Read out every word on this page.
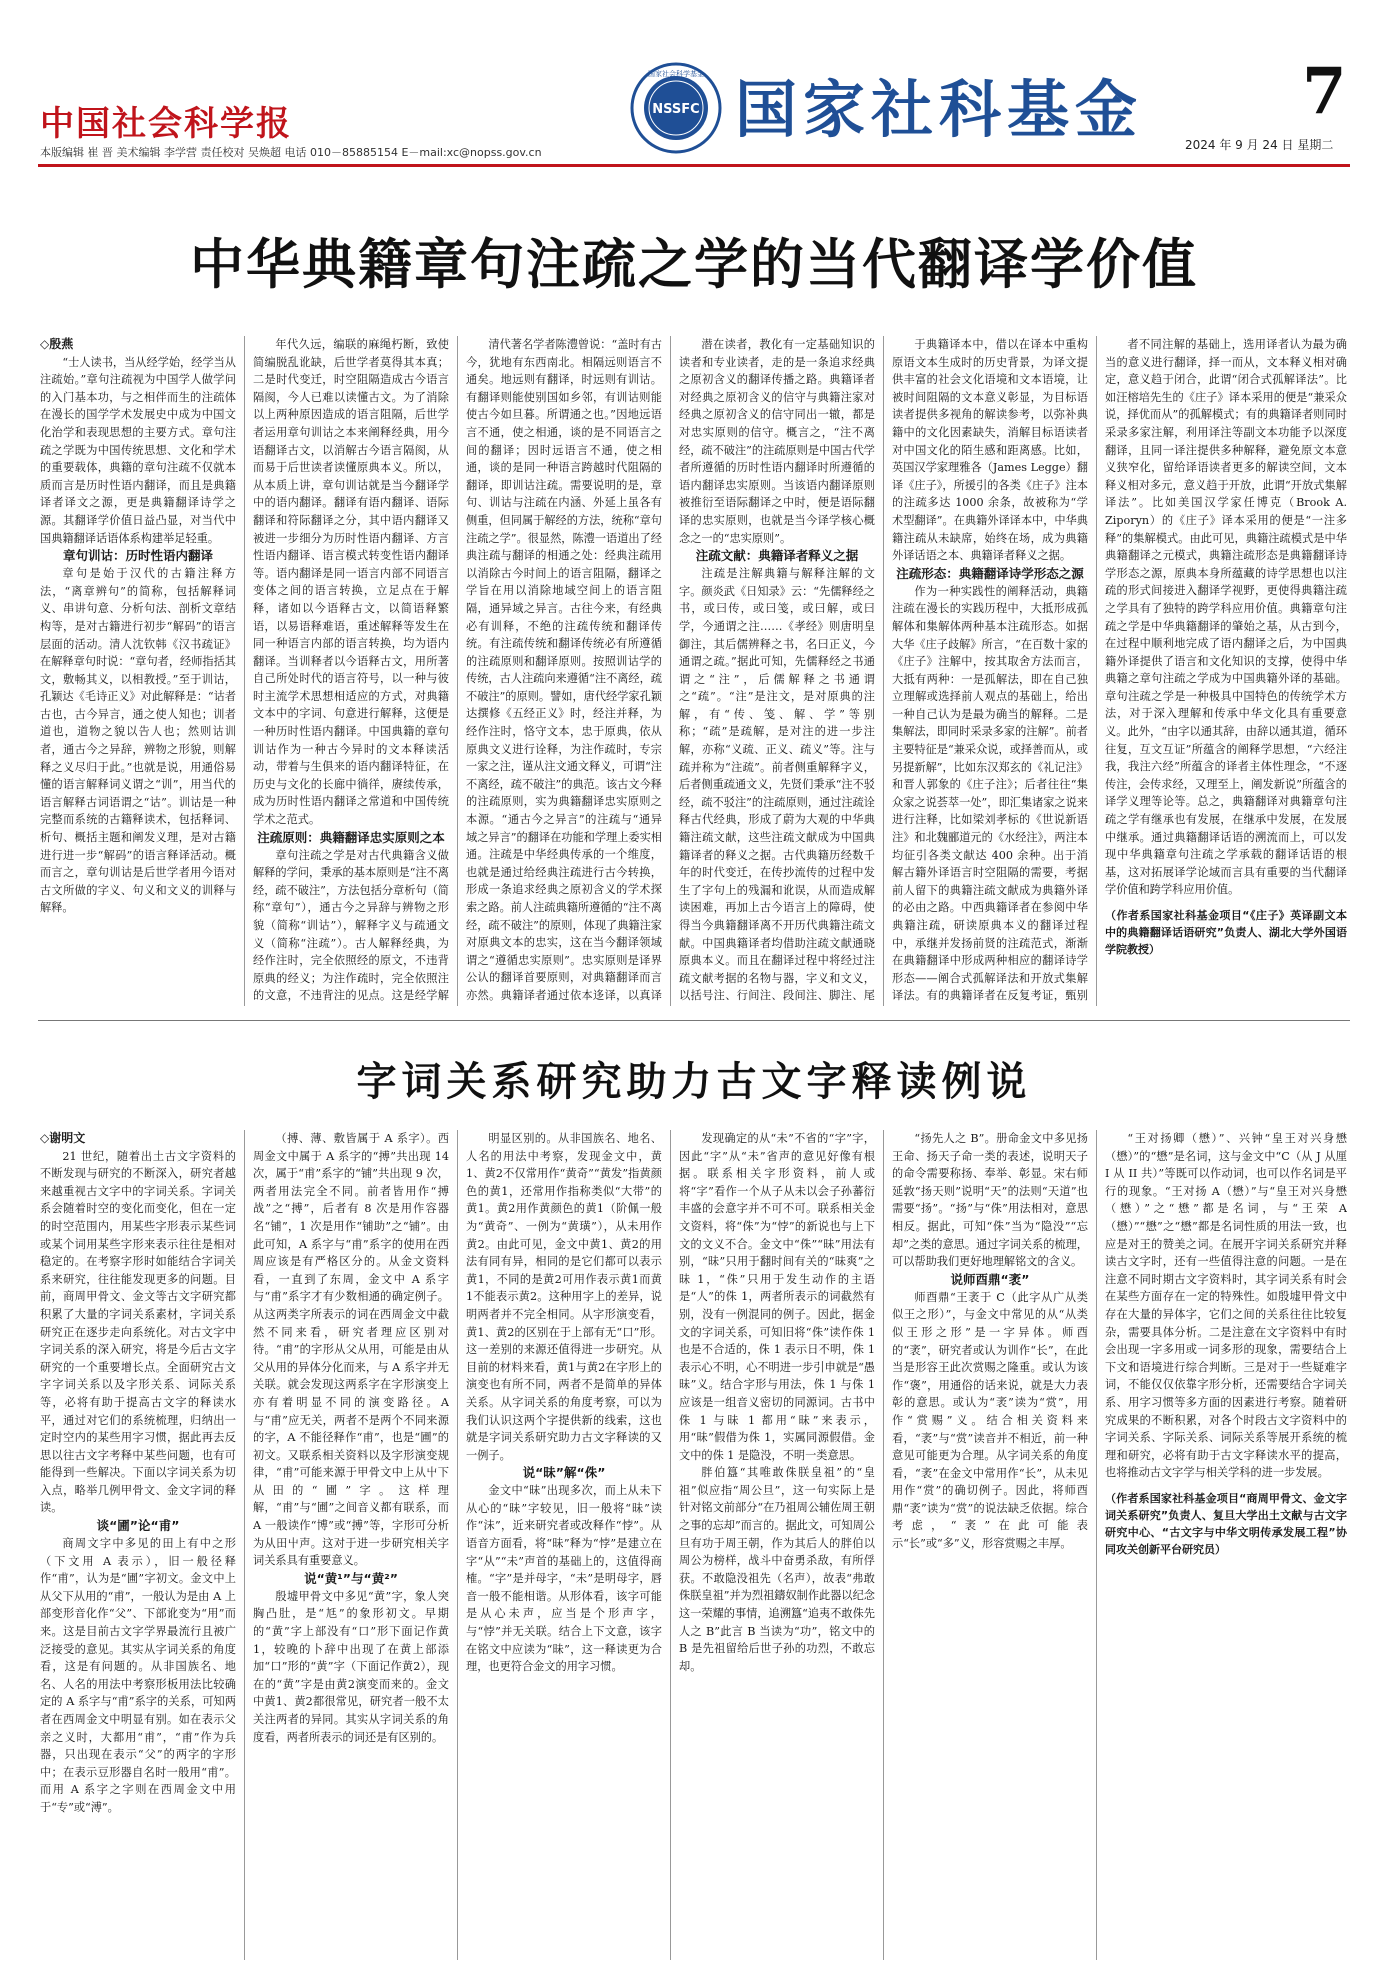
中国社会科学报
本版编辑 崔 晋 美术编辑 李学营 责任校对 吴焕超 电话 010－85885154 E－mail:xc@nopss.gov.cn
NSSFC
国家社会科学基金 国家社科基金 7
2024 年 9 月 24 日 星期二
中华典籍章句注疏之学的当代翻译学价值

◇殷燕

“士人读书，当从经学始，经学当从注疏始。”章句注疏视为中国学人做学问的入门基本功，与之相伴而生的注疏体在漫长的国学学术发展史中成为中国文化治学和表现思想的主要方式。章句注疏之学既为中国传统思想、文化和学术的重要载体，典籍的章句注疏不仅就本质而言是历时性语内翻译，而且是典籍译者译文之源，更是典籍翻译诗学之源。其翻译学价值日益凸显，对当代中国典籍翻译话语体系构建举足轻重。

章句训诂：历时性语内翻译

章句是始于汉代的古籍注释方法，“离章辨句”的简称，包括解释词义、串讲句意、分析句法、剖析文章结构等，是对古籍进行初步“解码”的语言层面的活动。清人沈钦韩《汉书疏证》在解释章句时说：“章句者，经师指括其文，敷畅其义，以相教授。”至于训诂，孔颖达《毛诗正义》对此解释是：“诂者古也，古今异言，通之使人知也；训者道也，道物之貌以告人也；然则诂训者，通古今之异辞，辨物之形貌，则解释之义尽归于此。”也就是说，用通俗易懂的语言解释词义谓之“训”，用当代的语言解释古词语谓之“诂”。训诂是一种完整而系统的古籍释读术，包括释词、析句、概括主题和阐发义理，是对古籍进行进一步“解码”的语言释译活动。概而言之，章句训诂是后世学者用今语对古文所做的字义、句义和文义的训释与解释。

年代久远，编联的麻绳朽断，致使简编脱乱讹缺，后世学者莫得其本真；二是时代变迁，时空阻隔造成古今语言隔阂，今人已难以读懂古文。为了消除以上两种原因造成的语言阻隔，后世学者运用章句训诂之本来阐释经典，用今语翻译古文，以消解古今语言隔阂，从而易于后世读者读懂原典本义。所以，从本质上讲，章句训诂就是当今翻译学中的语内翻译。翻译有语内翻译、语际翻译和符际翻译之分，其中语内翻译又被进一步细分为历时性语内翻译、方言性语内翻译、语言模式转变性语内翻译等。语内翻译是同一语言内部不同语言变体之间的语言转换，立足点在于解释，诸如以今语释古文，以简语释繁语，以易语释难语，重述解释等发生在同一种语言内部的语言转换，均为语内翻译。当训释者以今语释古文，用所著自己所处时代的语言符号，以一种与彼时主流学术思想相适应的方式，对典籍文本中的字词、句意进行解释，这便是一种历时性语内翻译。中国典籍的章句训诂作为一种古今异时的文本释读活动，带着与生俱来的语内翻译特征，在历史与文化的长廊中徜徉，赓续传承，成为历时性语内翻译之常道和中国传统学术之范式。

注疏原则：典籍翻译忠实原则之本

章句注疏之学是对古代典籍含义做解释的学问，秉承的基本原则是“注不离经，疏不破注”，方法包括分章析句（简称“章句”），通古今之异辞与辨物之形貌（简称“训诂”），解释字义与疏通文义（简称“注疏”）。古人解释经典，为经作注时，完全依照经的原文，不违背原典的经义；为注作疏时，完全依照注的文意，不违背注的见点。这是经学解

清代著名学者陈澧曾说：“盖时有古今，犹地有东西南北。相隔远则语言不通矣。地远则有翻译，时远则有训诂。有翻译则能使别国如乡邻，有训诂则能使古今如旦暮。所谓通之也。”因地远语言不通，使之相通，谈的是不同语言之间的翻译；因时远语言不通，使之相通，谈的是同一种语言跨越时代阻隔的翻译，即训诂注疏。需要说明的是，章句、训诂与注疏在内涵、外延上虽各有侧重，但同属于解经的方法，统称“章句注疏之学”。很显然，陈澧一语道出了经典注疏与翻译的相通之处：经典注疏用以消除古今时间上的语言阻隔，翻译之学旨在用以消除地域空间上的语言阻隔，通异域之异言。古往今来，有经典必有训释，不绝的注疏传统和翻译传统。有注疏传统和翻译传统必有所遵循的注疏原则和翻译原则。按照训诂学的传统，古人注疏向来遵循“注不离经，疏不破注”的原则。譬如，唐代经学家孔颖达撰修《五经正义》时，经注并释，为经作注时，恪守文本，忠于原典，依从原典文义进行诠释，为注作疏时，专宗一家之注，谨从注文通文释义，可谓“注不离经，疏不破注”的典范。该古文今释的注疏原则，实为典籍翻译忠实原则之本源。“通古今之异言”的注疏与“通异域之异言”的翻译在功能和学理上委实相通。注疏是中华经典传承的一个维度，也就是通过给经典注疏进行古今转换，形成一条追求经典之原初含义的学术探索之路。前人注疏典籍所遵循的“注不离经，疏不破注”的原则，体现了典籍注家对原典文本的忠实，这在当今翻译领域谓之“遵循忠实原则”。忠实原则是译界公认的翻译首要原则，对典籍翻译而言亦然。典籍译者通过依本迻译，以真译

潜在读者，教化有一定基础知识的读者和专业读者，走的是一条追求经典之原初含义的翻译传播之路。典籍译者对经典之原初含义的信守与典籍注家对经典之原初含义的信守同出一辙，都是对忠实原则的信守。概言之，“注不离经，疏不破注”的注疏原则是中国古代学者所遵循的历时性语内翻译时所遵循的语内翻译忠实原则。当该语内翻译原则被推衍至语际翻译之中时，便是语际翻译的忠实原则，也就是当今译学核心概念之一的“忠实原则”。

注疏文献：典籍译者释义之据

注疏是注解典籍与解释注解的文字。颜炎武《日知录》云：“先儒释经之书，或曰传，或曰笺，或曰解，或曰学，今通谓之注……《孝经》则唐明皇御注，其后儒辨释之书，名曰正义，今通谓之疏。”据此可知，先儒释经之书通谓之“注”，后儒解释之书通谓之“疏”。“注”是注文，是对原典的注解，有“传、笺、解、学”等别称；“疏”是疏解，是对注的进一步注解，亦称“义疏、正义、疏义”等。注与疏并称为“注疏”。前者侧重解释字义，后者侧重疏通文义，先贤们秉承“注不驳经，疏不驳注”的注疏原则，通过注疏诠释古代经典，形成了蔚为大观的中华典籍注疏文献，这些注疏文献成为中国典籍译者的释义之据。古代典籍历经数千年的时代变迁，在传抄流传的过程中发生了字句上的残漏和讹误，从而造成解读困难，再加上古今语言上的障碍，使得当今典籍翻译离不开历代典籍注疏文献。中国典籍译者均借助注疏文献通晓原典本义。而且在翻译过程中将经过注疏文献考据的名物与器，字义和文义，以括号注、行间注、段间注、脚注、尾

于典籍译本中，借以在译本中重构原语文本生成时的历史背景，为译文提供丰富的社会文化语境和文本语境，让被时间阻隔的文本意义彰显，为目标语读者提供多视角的解读参考，以弥补典籍中的文化因素缺失，消解目标语读者对中国文化的陌生感和距离感。比如，英国汉学家理雅各（James Legge）翻译《庄子》，所援引的各类《庄子》注本的注疏多达 1000 余条，故被称为“学术型翻译”。在典籍外译译本中，中华典籍注疏从未缺席，始终在场，成为典籍外译话语之本、典籍译者释义之据。

注疏形态：典籍翻译诗学形态之源

作为一种实践性的阐释活动，典籍注疏在漫长的实践历程中，大抵形成孤解体和集解体两种基本注疏形态。如据大华《庄子歧解》所言，“在百数十家的《庄子》注解中，按其取舍方法而言，大抵有两种：一是孤解法，即在自己独立理解或选择前人观点的基础上，给出一种自己认为是最为确当的解释。二是集解法，即同时采录多家的注解”。前者主要特征是“兼采众说，或择善而从，或另提新解”，比如东汉郑玄的《礼记注》和晋人郭象的《庄子注》；后者往往“集众家之说荟萃一处”，即汇集诸家之说来进行注释，比如梁刘孝标的《世说新语注》和北魏郦道元的《水经注》，两注本均征引各类文献达 400 余种。出于消解古籍外译语言时空阻隔的需要，考据前人留下的典籍注疏文献成为典籍外译的必由之路。中西典籍译者在参阅中华典籍注疏，研读原典本义的翻译过程中，承继并发扬前贤的注疏范式，渐渐在典籍翻译中形成两种相应的翻译诗学形态——阐合式孤解译法和开放式集解译法。有的典籍译者在反复考证，甄别

者不同注解的基础上，选用译者认为最为确当的意义进行翻译，择一而从，文本释义相对确定，意义趋于闭合，此谓“闭合式孤解译法”。比如汪榕培先生的《庄子》译本采用的便是“兼采众说，择优而从”的孤解模式；有的典籍译者则同时采录多家注解，利用译注等副文本功能予以深度翻译，且同一译注提供多种解释，避免原文本意义狭窄化，留给译语读者更多的解读空间，文本释义相对多元，意义趋于开放，此谓“开放式集解译法”。比如美国汉学家任博克（Brook A. Ziporyn）的《庄子》译本采用的便是“一注多释”的集解模式。由此可见，典籍注疏模式是中华典籍翻译之元模式，典籍注疏形态是典籍翻译诗学形态之源，原典本身所蕴藏的诗学思想也以注疏的形式间接进入翻译学视野，更使得典籍注疏之学具有了独特的跨学科应用价值。典籍章句注疏之学是中华典籍翻译的肇始之基，从古到今，在过程中顺利地完成了语内翻译之后，为中国典籍外译提供了语言和文化知识的支撑，使得中华典籍之章句注疏之学成为中国典籍外译的基础。章句注疏之学是一种极具中国特色的传统学术方法，对于深入理解和传承中华文化具有重要意义。此外，“由字以通其辞，由辞以通其道，循环往复，互文互证”所蕴含的阐释学思想，“六经注我，我注六经”所蕴含的译者主体性理念，“不逐传注，会传求经，又理至上，阐发新说”所蕴含的译学义理等论等。总之，典籍翻译对典籍章句注疏之学有继承也有发展，在继承中发展，在发展中继承。通过典籍翻译话语的溯流而上，可以发现中华典籍章句注疏之学承载的翻译话语的根基，这对拓展译学论域而言具有重要的当代翻译学价值和跨学科应用价值。

（作者系国家社科基金项目“《庄子》英译副文本中的典籍翻译话语研究”负责人、湖北大学外国语学院教授）

字词关系研究助力古文字释读例说

◇谢明文

21 世纪，随着出土古文字资料的不断发现与研究的不断深入，研究者越来越重视古文字中的字词关系。字词关系会随着时空的变化而变化，但在一定的时空范围内，用某些字形表示某些词或某个词用某些字形来表示往往是相对稳定的。在考察字形时如能结合字词关系来研究，往往能发现更多的问题。目前，商周甲骨文、金文等古文字研究都积累了大量的字词关系素材，字词关系研究正在逐步走向系统化。对古文字中字词关系的深入研究，将是今后古文字研究的一个重要增长点。全面研究古文字字词关系以及字形关系、词际关系等，必将有助于提高古文字的释读水平，通过对它们的系统梳理，归纳出一定时空内的某些用字习惯，据此再去反思以往古文字考释中某些问题，也有可能得到一些解决。下面以字词关系为切入点，略举几例甲骨文、金文字词的释读。

谈“圃”论“甫”

商周文字中多见的田上有中之形（下文用 A 表示），旧一般径释作“甫”，认为是“圃”字初文。金文中上从父下从用的“甫”，一般认为是由 A 上部变形音化作“父”、下部讹变为“用”而来。这是目前古文字学界最流行且被广泛接受的意见。其实从字词关系的角度看，这是有问题的。从非国族名、地名、人名的用法中考察形板用法比较确定的 A 系字与“甫”系字的关系，可知两者在西周金文中明显有别。如在表示父亲之义时，大都用“甫”，“甫”作为兵器，只出现在表示“父”的两字的字形中；在表示豆形器自名时一般用“甫”。而用 A 系字之字则在西周金文中用于“专”或“溥”。

（搏、薄、敷皆属于 A 系字）。西周金文中属于 A 系字的“搏”共出现 14 次，属于“甫”系字的“铺”共出现 9 次，两者用法完全不同。前者皆用作“搏战”之“搏”，后者有 8 次是用作容器名“铺”，1 次是用作“铺助”之“铺”。由此可知，A 系字与“甫”系字的使用在西周应该是有严格区分的。从金文资料看，一直到了东周，金文中 A 系字与“甫”系字才有少数相通的确定例子。从这两类字所表示的词在西周金文中截然不同来看，研究者理应区别对待。“甫”的字形从父从用，可能是由从父从用的异体分化而来，与 A 系字并无关联。就会发现这两系字在字形演变上亦有着明显不同的演变路径。A 与“甫”应无关，两者不是两个不同来源的字，A 不能径释作“甫”，也是“圃”的初文。又联系相关资料以及字形演变规律，“甫”可能来源于甲骨文中上从屮下从田的“圃”字。这样理解，“甫”与“圃”之间音义都有联系，而 A 一般读作“博”或“搏”等，字形可分析为从田屮声。这对于进一步研究相关字词关系具有重要意义。

说“黄¹”与“黄²”

殷墟甲骨文中多见“黄”字，象人突胸凸肚，是“尪”的象形初文。早期的“黄”字上部没有“口”形下面记作黄1，较晚的卜辞中出现了在黄上部添加“口”形的“黄”字（下面记作黄2），现在的“黄”字是由黄2演变而来的。金文中黄1、黄2都很常见，研究者一般不太关注两者的异同。其实从字词关系的角度看，两者所表示的词还是有区别的。

明显区别的。从非国族名、地名、人名的用法中考察，发现金文中，黄1、黄2不仅常用作“黄奇”“黄发”指黄颜色的黄1，还常用作指称类似“大带”的黄1。黄2用作黄颜色的黄1（阶佩一般为“黄奇”、一例为“黄璜”），从未用作黄2。由此可见，金文中黄1、黄2的用法有同有异，相同的是它们都可以表示黄1，不同的是黄2可用作表示黄1而黄1不能表示黄2。这种用字上的差异，说明两者并不完全相同。从字形演变看，黄1、黄2的区别在于上部有无“口”形。这一差别的来源还值得进一步研究。从目前的材料来看，黄1与黄2在字形上的演变也有所不同，两者不是简单的异体关系。从字词关系的角度考察，可以为我们认识这两个字提供新的线索，这也就是字词关系研究助力古文字释读的又一例子。

说“昧”解“侏”

金文中“昧”出现多次，而上从未下从心的“昧”字较见，旧一般将“昧”读作“沬”，近来研究者或改释作“悖”。从语音方面看，将“昧”释为“悖”是建立在字“从”“未”声首的基础上的，这值得商榷。“字”是并母字，“未”是明母字，唇音一般不能相谐。从形体看，该字可能是从心未声，应当是个形声字，与“悖”并无关联。结合上下文意，该字在铭文中应读为“昧”，这一释读更为合理，也更符合金文的用字习惯。

发现确定的从“未”不省的“字”字，因此“字”从“未”省声的意见好像有根据。联系相关字形资料，前人或将“字”看作一个从子从未以会子孙蕃衍丰盛的会意字并不可不可。联系相关金文资料，将“侏”为“悖”的新说也与上下文的文义不合。金文中“侏”“昧”用法有别，“昧”只用于翻时间有关的“昧爽”之昧 1，“侏”只用于发生动作的主语是“人”的侏 1，两者所表示的词截然有别，没有一例混同的例子。因此，据金文的字词关系，可知旧将“侏”读作侏 1 也是不合适的，侏 1 表示日不明，侏 1 表示心不明，心不明进一步引申就是“愚昧”义。结合字形与用法，侏 1 与侏 1 应该是一组音义密切的同源词。古书中侏 1 与昧 1 都用“昧”来表示，用“昧”假借为侏 1，实属同源假借。金文中的侏 1 是隐没，不明一类意思。

胖伯簋“其唯敢侏朕皇祖”的“皇祖”似应指“周公旦”，这一句实际上是针对铭文前部分“在乃祖周公辅佐周王朝之事的忘却”而言的。据此文，可知周公旦有功于周王朝，作为其后人的胖伯以周公为榜样，战斗中奋勇杀敌，有所俘获。不敢隐没祖先（名声），故表“弗敢侏朕皇祖”并为烈祖鑄奴制作此器以纪念这一荣耀的事情，追溯簋“追夷不敢侏先人之 B”此言 B 当读为“功”，铭文中的 B 是先祖留给后世子孙的功烈，不敢忘却。

“扬先人之 B”。册命金文中多见扬王命、扬天子命一类的表述，说明天子的命令需要称扬、奉举、彰显。宋右师延敦“扬天则”说明“天”的法则“天道”也需要“扬”。“扬”与“侏”用法相对，意思相反。据此，可知“侏”当为“隐没”“忘却”之类的意思。通过字词关系的梳理，可以帮助我们更好地理解铭文的含义。

说师酉鼎“袤”

师酉鼎“王袤于 C（此字从广从类似王之形）”，与金文中常见的从“从类似王形之形”是一字异体。师酉的“袤”，研究者或认为训作“长”，在此当是形容王此次赏赐之隆重。或认为该作“褒”，用通俗的话来说，就是大力表彰的意思。或认为“袤”读为“赏”，用作“赏赐”义。结合相关资料来看，“袤”与“赏”读音并不相近，前一种意见可能更为合理。从字词关系的角度看，“袤”在金文中常用作“长”，从未见用作“赏”的确切例子。因此，将师酉鼎“袤”读为“赏”的说法缺乏依据。综合考虑，“袤”在此可能表示“长”或“多”义，形容赏赐之丰厚。

“王对扬卿（懋）”、兴钟“皇王对兴身懋（懋）”的“懋”是名词，这与金文中“C（从 J 从厘 I 从 II 共）”等既可以作动词，也可以作名词是平行的现象。“王对扬 A（懋）”与“皇王对兴身懋（懋）”之“懋”都是名词，与“王荣 A（懋）”“懋”之“懋”都是名词性质的用法一致，也应是对王的赞美之词。在展开字词关系研究并释读古文字时，还有一些值得注意的问题。一是在注意不同时期古文字资料时，其字词关系有时会在某些方面存在一定的特殊性。如殷墟甲骨文中存在大量的异体字，它们之间的关系往往比较复杂，需要具体分析。二是注意在文字资料中有时会出现一字多用或一词多形的现象，需要结合上下文和语境进行综合判断。三是对于一些疑难字词，不能仅仅依靠字形分析，还需要结合字词关系、用字习惯等多方面的因素进行考察。随着研究成果的不断积累，对各个时段古文字资料中的字词关系、字际关系、词际关系等展开系统的梳理和研究，必将有助于古文字释读水平的提高，也将推动古文字学与相关学科的进一步发展。

（作者系国家社科基金项目“商周甲骨文、金文字词关系研究”负责人、复旦大学出土文献与古文字研究中心、“古文字与中华文明传承发展工程”协同攻关创新平台研究员）
